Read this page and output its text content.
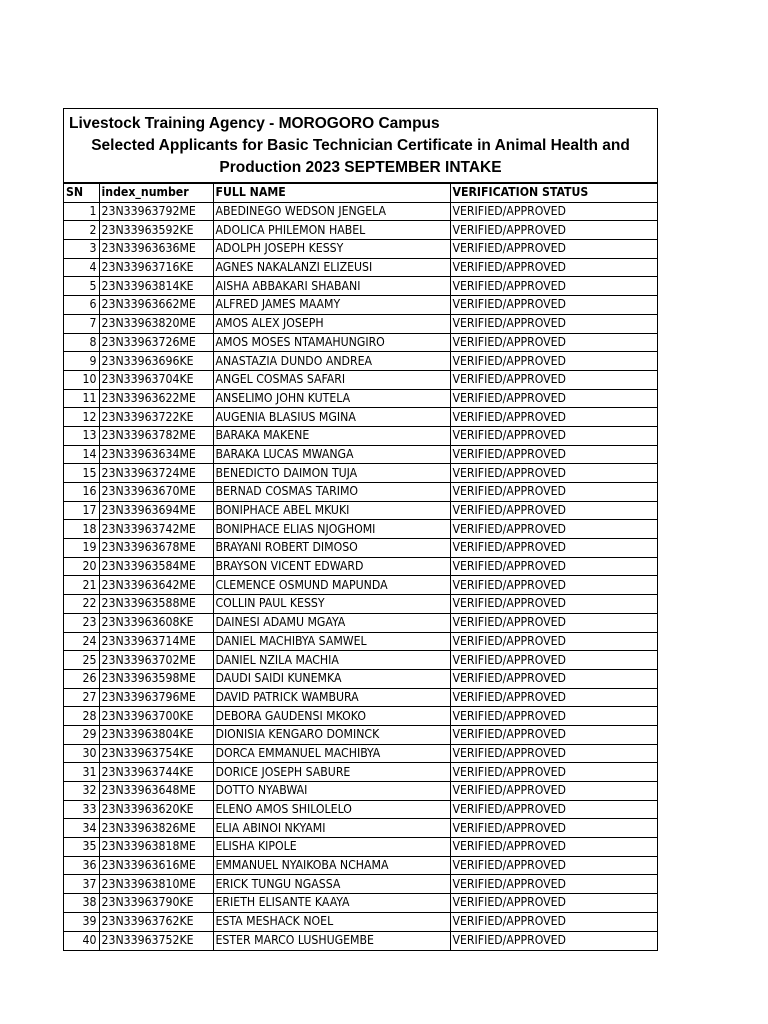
Livestock Training Agency - MOROGORO Campus
Selected Applicants for Basic Technician Certificate in Animal Health and
Production 2023 SEPTEMBER INTAKE
SN	index_number	FULL NAME	VERIFICATION STATUS
1	23N33963792ME	ABEDINEGO WEDSON JENGELA	VERIFIED/APPROVED
2	23N33963592KE	ADOLICA PHILEMON HABEL	VERIFIED/APPROVED
3	23N33963636ME	ADOLPH JOSEPH KESSY	VERIFIED/APPROVED
4	23N33963716KE	AGNES NAKALANZI ELIZEUSI	VERIFIED/APPROVED
5	23N33963814KE	AISHA ABBAKARI SHABANI	VERIFIED/APPROVED
6	23N33963662ME	ALFRED JAMES MAAMY	VERIFIED/APPROVED
7	23N33963820ME	AMOS ALEX JOSEPH	VERIFIED/APPROVED
8	23N33963726ME	AMOS MOSES NTAMAHUNGIRO	VERIFIED/APPROVED
9	23N33963696KE	ANASTAZIA DUNDO ANDREA	VERIFIED/APPROVED
10	23N33963704KE	ANGEL COSMAS SAFARI	VERIFIED/APPROVED
11	23N33963622ME	ANSELIMO JOHN KUTELA	VERIFIED/APPROVED
12	23N33963722KE	AUGENIA BLASIUS MGINA	VERIFIED/APPROVED
13	23N33963782ME	BARAKA MAKENE	VERIFIED/APPROVED
14	23N33963634ME	BARAKA LUCAS MWANGA	VERIFIED/APPROVED
15	23N33963724ME	BENEDICTO DAIMON TUJA	VERIFIED/APPROVED
16	23N33963670ME	BERNAD COSMAS TARIMO	VERIFIED/APPROVED
17	23N33963694ME	BONIPHACE ABEL MKUKI	VERIFIED/APPROVED
18	23N33963742ME	BONIPHACE ELIAS NJOGHOMI	VERIFIED/APPROVED
19	23N33963678ME	BRAYANI ROBERT DIMOSO	VERIFIED/APPROVED
20	23N33963584ME	BRAYSON VICENT EDWARD	VERIFIED/APPROVED
21	23N33963642ME	CLEMENCE OSMUND MAPUNDA	VERIFIED/APPROVED
22	23N33963588ME	COLLIN PAUL KESSY	VERIFIED/APPROVED
23	23N33963608KE	DAINESI ADAMU MGAYA	VERIFIED/APPROVED
24	23N33963714ME	DANIEL MACHIBYA SAMWEL	VERIFIED/APPROVED
25	23N33963702ME	DANIEL NZILA MACHIA	VERIFIED/APPROVED
26	23N33963598ME	DAUDI SAIDI KUNEMKA	VERIFIED/APPROVED
27	23N33963796ME	DAVID PATRICK WAMBURA	VERIFIED/APPROVED
28	23N33963700KE	DEBORA GAUDENSI MKOKO	VERIFIED/APPROVED
29	23N33963804KE	DIONISIA KENGARO DOMINCK	VERIFIED/APPROVED
30	23N33963754KE	DORCA EMMANUEL MACHIBYA	VERIFIED/APPROVED
31	23N33963744KE	DORICE JOSEPH SABURE	VERIFIED/APPROVED
32	23N33963648ME	DOTTO NYABWAI	VERIFIED/APPROVED
33	23N33963620KE	ELENO AMOS SHILOLELO	VERIFIED/APPROVED
34	23N33963826ME	ELIA ABINOI NKYAMI	VERIFIED/APPROVED
35	23N33963818ME	ELISHA KIPOLE	VERIFIED/APPROVED
36	23N33963616ME	EMMANUEL NYAIKOBA NCHAMA	VERIFIED/APPROVED
37	23N33963810ME	ERICK TUNGU NGASSA	VERIFIED/APPROVED
38	23N33963790KE	ERIETH ELISANTE KAAYA	VERIFIED/APPROVED
39	23N33963762KE	ESTA MESHACK NOEL	VERIFIED/APPROVED
40	23N33963752KE	ESTER MARCO LUSHUGEMBE	VERIFIED/APPROVED
